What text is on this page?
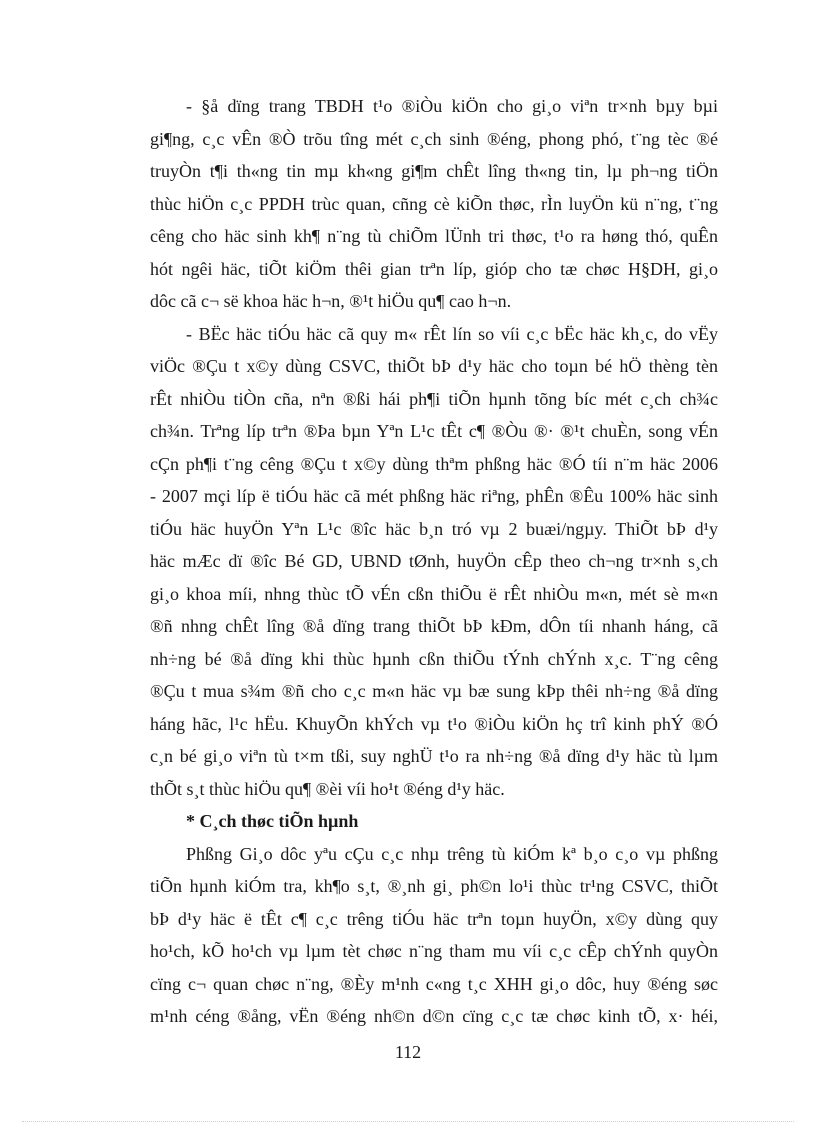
- §å dïng trang TBDH t¹o ®iÒu kiÖn cho gi¸o viªn tr×nh bµy bµi
gi¶ng, c¸c vÊn ®Ò trõu tîng mét c¸ch sinh ®éng, phong phó, t¨ng tèc ®é
truyÒn t¶i th«ng tin mµ kh«ng gi¶m chÊt lîng th«ng tin, lµ ph¬ng tiÖn
thùc hiÖn c¸c PPDH trùc quan, cñng cè kiÕn thøc, rÌn luyÖn kü n¨ng, t¨ng
cêng cho häc sinh kh¶ n¨ng tù chiÕm lÜnh tri thøc, t¹o ra høng thó, quÊn
hót ngêi häc, tiÕt kiÖm thêi gian trªn líp, gióp cho tæ chøc H§DH, gi¸o
dôc cã c¬ së khoa häc h¬n, ®¹t hiÖu qu¶ cao h¬n.
- BËc häc tiÓu häc cã quy m« rÊt lín so víi c¸c bËc häc kh¸c, do vËy
viÖc ®Çu t x©y dùng CSVC, thiÕt bÞ d¹y häc cho toµn bé hÖ thèng tèn
rÊt nhiÒu tiÒn cña, nªn ®ßi hái ph¶i tiÕn hµnh tõng bíc mét c¸ch ch¾c
ch¾n. Trªng líp trªn ®Þa bµn Yªn L¹c tÊt c¶ ®Òu ®· ®¹t chuÈn, song vÉn
cÇn ph¶i t¨ng cêng ®Çu t x©y dùng thªm phßng häc ®Ó tíi n¨m häc 2006
- 2007 mçi líp ë tiÓu häc cã mét phßng häc riªng, phÊn ®Êu 100% häc sinh
tiÓu häc huyÖn Yªn L¹c ®îc häc b¸n tró vµ 2 buæi/ngµy. ThiÕt bÞ d¹y
häc mÆc dï ®îc Bé GD, UBND tØnh, huyÖn cÊp theo ch¬ng tr×nh s¸ch
gi¸o khoa míi, nhng thùc tÕ vÉn cßn thiÕu ë rÊt nhiÒu m«n, mét sè m«n
®ñ nhng chÊt lîng ®å dïng trang thiÕt bÞ kÐm, dÔn tíi nhanh háng, cã
nh÷ng bé ®å dïng khi thùc hµnh cßn thiÕu tÝnh chÝnh x¸c. T¨ng cêng
®Çu t mua s¾m ®ñ cho c¸c m«n häc vµ bæ sung kÞp thêi nh÷ng ®å dïng
háng hãc, l¹c hËu. KhuyÕn khÝch vµ t¹o ®iÒu kiÖn hç trî kinh phÝ ®Ó
c¸n bé gi¸o viªn tù t×m tßi, suy nghÜ t¹o ra nh÷ng ®å dïng d¹y häc tù lµm
thÕt s¸t thùc hiÖu qu¶ ®èi víi ho¹t ®éng d¹y häc.
* C¸ch thøc tiÕn hµnh
Phßng Gi¸o dôc yªu cÇu c¸c nhµ trêng tù kiÓm kª b¸o c¸o vµ phßng
tiÕn hµnh kiÓm tra, kh¶o s¸t, ®¸nh gi¸ ph©n lo¹i thùc tr¹ng CSVC, thiÕt
bÞ d¹y häc ë tÊt c¶ c¸c trêng tiÓu häc trªn toµn huyÖn, x©y dùng quy
ho¹ch, kÕ ho¹ch vµ lµm tèt chøc n¨ng tham mu víi c¸c cÊp chÝnh quyÒn
cïng c¬ quan chøc n¨ng, ®Èy m¹nh c«ng t¸c XHH gi¸o dôc, huy ®éng søc
m¹nh céng ®ång, vËn ®éng nh©n d©n cïng c¸c tæ chøc kinh tÕ, x· héi,
112
